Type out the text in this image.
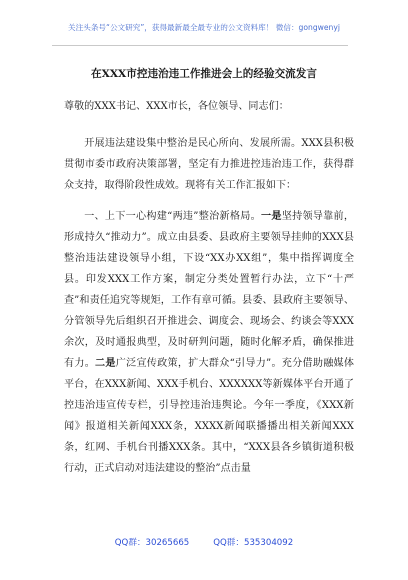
关注头条号“公文研究”，获得最新最全最专业的公文资料库！ 微信：gongwenyj
在XXX市控违治违工作推进会上的经验交流发言

尊敬的XXX书记、XXX市长，各位领导、同志们：

开展违法建设集中整治是民心所向、发展所需。XXX县积极贯彻市委市政府决策部署，坚定有力推进控违治违工作，获得群众支持，取得阶段性成效。现将有关工作汇报如下：

一、上下一心构建“两违”整治新格局。一是坚持领导靠前，形成持久“推动力”。成立由县委、县政府主要领导挂帅的XXX县整治违法建设领导小组，下设“XX办XX组”，集中指挥调度全县。印发XXX工作方案，制定分类处置暂行办法，立下“十严查”和责任追究等规矩，工作有章可循。县委、县政府主要领导、分管领导先后组织召开推进会、调度会、现场会、约谈会等XXX余次，及时通报典型，及时研判问题，随时化解矛盾，确保推进有力。二是广泛宣传政策，扩大群众“引导力”。充分借助融媒体平台，在XXX新闻、XXX手机台、XXXXXX等新媒体平台开通了控违治违宣传专栏，引导控违治违舆论。今年一季度，《XXX新闻》报道相关新闻XXX条，XXXX新闻联播播出相关新闻XXX条，红网、手机台刊播XXX条。其中，“XXX县各乡镇街道积极行动，正式启动对违法建设的整治”点击量

QQ群：30265665	QQ群：535304092
